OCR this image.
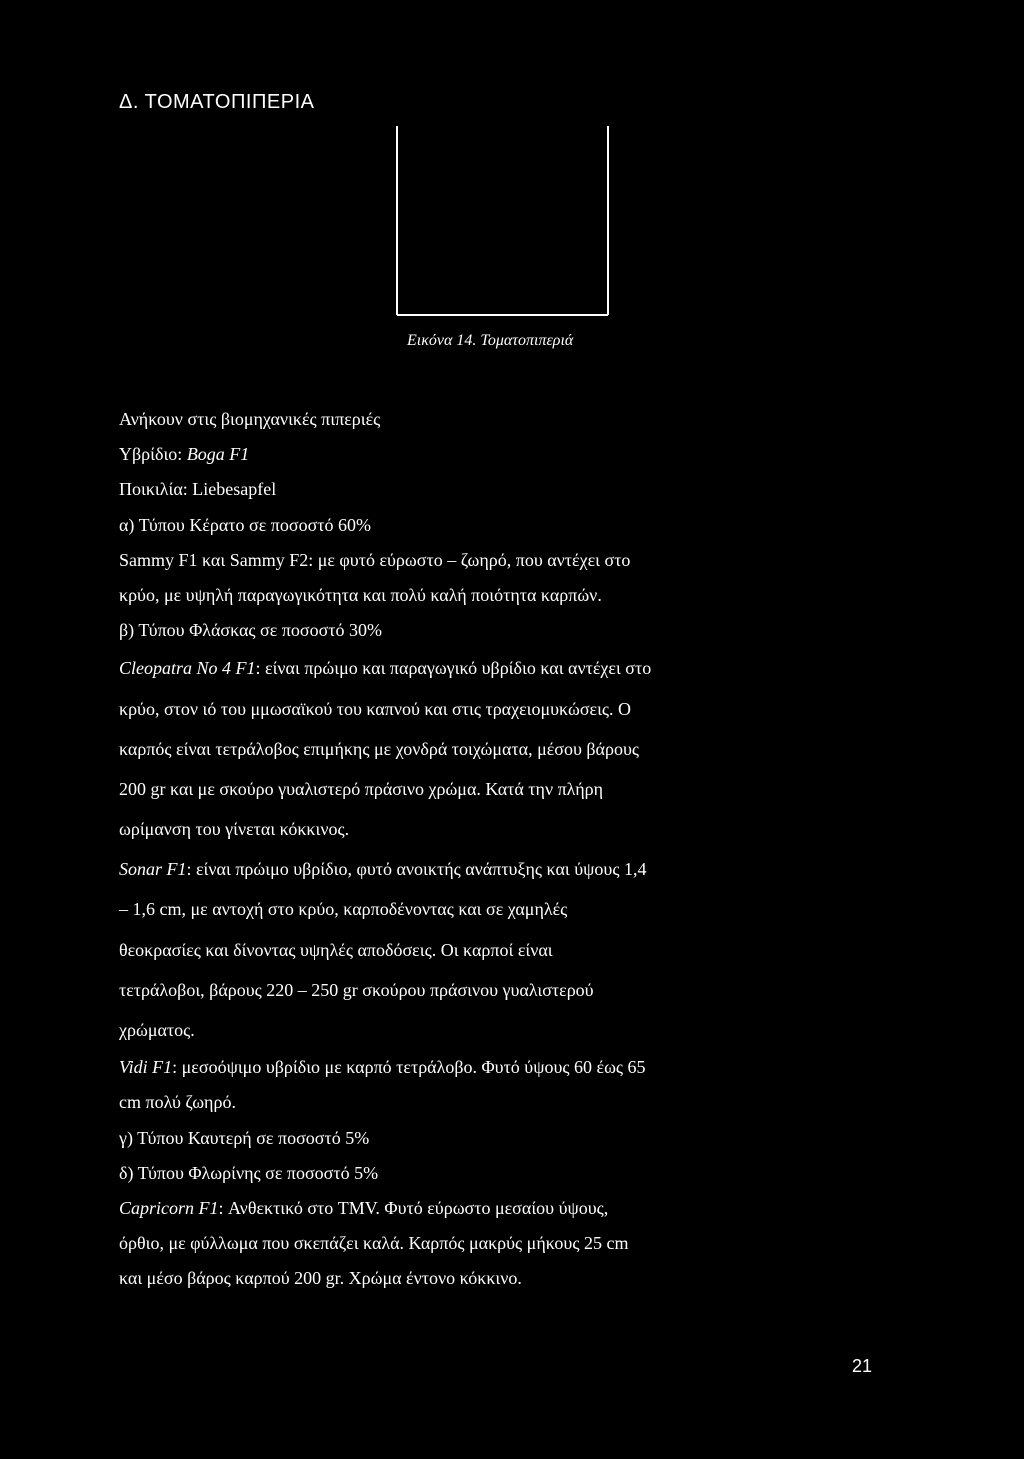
Δ. ΤΟΜΑΤΟΠΙΠΕΡΙΑ
Εικόνα 14. Τοματοπιπεριά
Ανήκουν στις βιομηχανικές πιπεριές
Υβρίδιο: Boga F1
Ποικιλία: Liebesapfel
α) Τύπου Κέρατο σε ποσοστό 60%
Sammy F1 και Sammy F2: με φυτό εύρωστο – ζωηρό, που αντέχει στο
κρύο, με υψηλή παραγωγικότητα και πολύ καλή ποιότητα καρπών.
β) Τύπου Φλάσκας σε ποσοστό 30%
Cleopatra No 4 F1: είναι πρώιμο και παραγωγικό υβρίδιο και αντέχει στο
κρύο, στον ιό του μμωσαϊκού του καπνού και στις τραχειομυκώσεις. Ο
καρπός είναι τετράλοβος επιμήκης με χονδρά τοιχώματα, μέσου βάρους
200 gr και με σκούρο γυαλιστερό πράσινο χρώμα. Κατά την πλήρη
ωρίμανση του γίνεται κόκκινος.
Sonar F1: είναι πρώιμο υβρίδιο, φυτό ανοικτής ανάπτυξης και ύψους 1,4
– 1,6 cm, με αντοχή στο κρύο, καρποδένοντας και σε χαμηλές
θεοκρασίες και δίνοντας υψηλές αποδόσεις. Οι καρποί είναι
τετράλοβοι, βάρους 220 – 250 gr σκούρου πράσινου γυαλιστερού
χρώματος.
Vidi F1: μεσοόψιμο υβρίδιο με καρπό τετράλοβο. Φυτό ύψους 60 έως 65
cm πολύ ζωηρό.
γ) Τύπου Καυτερή σε ποσοστό 5%
δ) Τύπου Φλωρίνης σε ποσοστό 5%
Capricorn F1: Ανθεκτικό στο TMV. Φυτό εύρωστο μεσαίου ύψους,
όρθιο, με φύλλωμα που σκεπάζει καλά. Καρπός μακρύς μήκους 25 cm
και μέσο βάρος καρπού 200 gr. Χρώμα έντονο κόκκινο.
21
